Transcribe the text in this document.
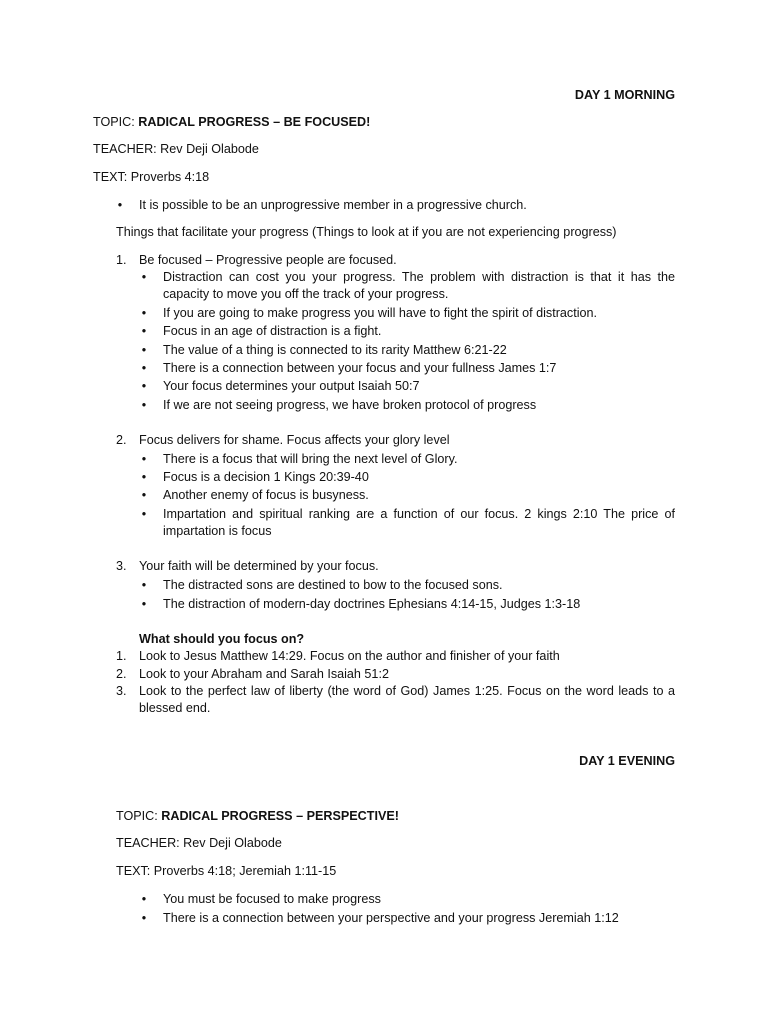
DAY 1 MORNING
TOPIC: RADICAL PROGRESS – BE FOCUSED!
TEACHER: Rev Deji Olabode
TEXT: Proverbs 4:18
• It is possible to be an unprogressive member in a progressive church.
Things that facilitate your progress (Things to look at if you are not experiencing progress)
1. Be focused – Progressive people are focused.
• Distraction can cost you your progress. The problem with distraction is that it has the capacity to move you off the track of your progress.
• If you are going to make progress you will have to fight the spirit of distraction.
• Focus in an age of distraction is a fight.
• The value of a thing is connected to its rarity Matthew 6:21-22
• There is a connection between your focus and your fullness James 1:7
• Your focus determines your output Isaiah 50:7
• If we are not seeing progress, we have broken protocol of progress
2. Focus delivers for shame. Focus affects your glory level
• There is a focus that will bring the next level of Glory.
• Focus is a decision 1 Kings 20:39-40
• Another enemy of focus is busyness.
• Impartation and spiritual ranking are a function of our focus. 2 kings 2:10 The price of impartation is focus
3. Your faith will be determined by your focus.
• The distracted sons are destined to bow to the focused sons.
• The distraction of modern-day doctrines Ephesians 4:14-15, Judges 1:3-18
What should you focus on?
1. Look to Jesus Matthew 14:29. Focus on the author and finisher of your faith
2. Look to your Abraham and Sarah Isaiah 51:2
3. Look to the perfect law of liberty (the word of God) James 1:25. Focus on the word leads to a blessed end.
DAY 1 EVENING
TOPIC: RADICAL PROGRESS – PERSPECTIVE!
TEACHER: Rev Deji Olabode
TEXT: Proverbs 4:18; Jeremiah 1:11-15
• You must be focused to make progress
• There is a connection between your perspective and your progress Jeremiah 1:12
